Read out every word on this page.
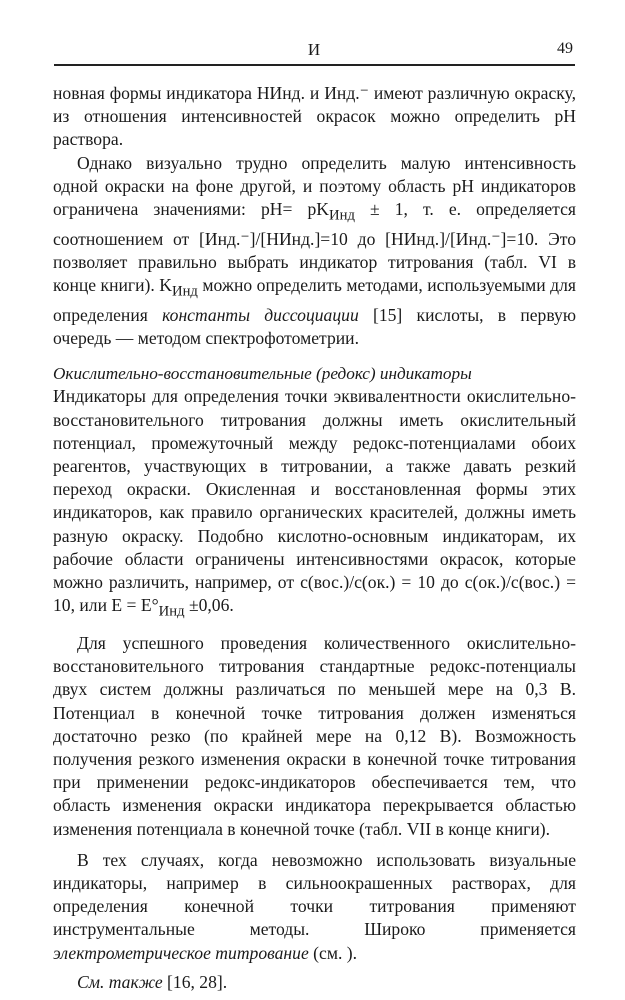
И	49

новная формы индикатора НИнд. и Инд.⁻ имеют различную окраску, из отношения интенсивностей окрасок можно определить pH раствора.

Однако визуально трудно определить малую интенсивность одной окраски на фоне другой, и поэтому область pH индикаторов ограничена значениями: $pH= pK_{Инд} \pm 1$, т. е. определяется соотношением от [Инд.⁻]/[НИнд.]=10 до [НИнд.]/[Инд.⁻]=10. Это позволяет правильно выбрать индикатор титрования (табл. VI в конце книги). $K_{Инд}$ можно определить методами, используемыми для определения константы диссоциации [15] кислоты, в первую очередь — методом спектрофотометрии.

Окислительно-восстановительные (редокс) индикаторы

Индикаторы для определения точки эквивалентности окислительно-восстановительного титрования должны иметь окислительный потенциал, промежуточный между редокс-потенциалами обоих реагентов, участвующих в титровании, а также давать резкий переход окраски. Окисленная и восстановленная формы этих индикаторов, как правило органических красителей, должны иметь разную окраску. Подобно кислотно-основным индикаторам, их рабочие области ограничены интенсивностями окрасок, которые можно различить, например, от c(вос.)/c(ок.) = 10 до c(ок.)/c(вос.) = 10, или $E = E^\circ_{Инд} \pm 0,06$.

Для успешного проведения количественного окислительно-восстановительного титрования стандартные редокс-потенциалы двух систем должны различаться по меньшей мере на 0,3 В. Потенциал в конечной точке титрования должен изменяться достаточно резко (по крайней мере на 0,12 В). Возможность получения резкого изменения окраски в конечной точке титрования при применении редокс-индикаторов обеспечивается тем, что область изменения окраски индикатора перекрывается областью изменения потенциала в конечной точке (табл. VII в конце книги).

В тех случаях, когда невозможно использовать визуальные индикаторы, например в сильноокрашенных растворах, для определения конечной точки титрования применяют инструментальные методы. Широко применяется электрометрическое титрование (см. ).

См. также [16, 28].
